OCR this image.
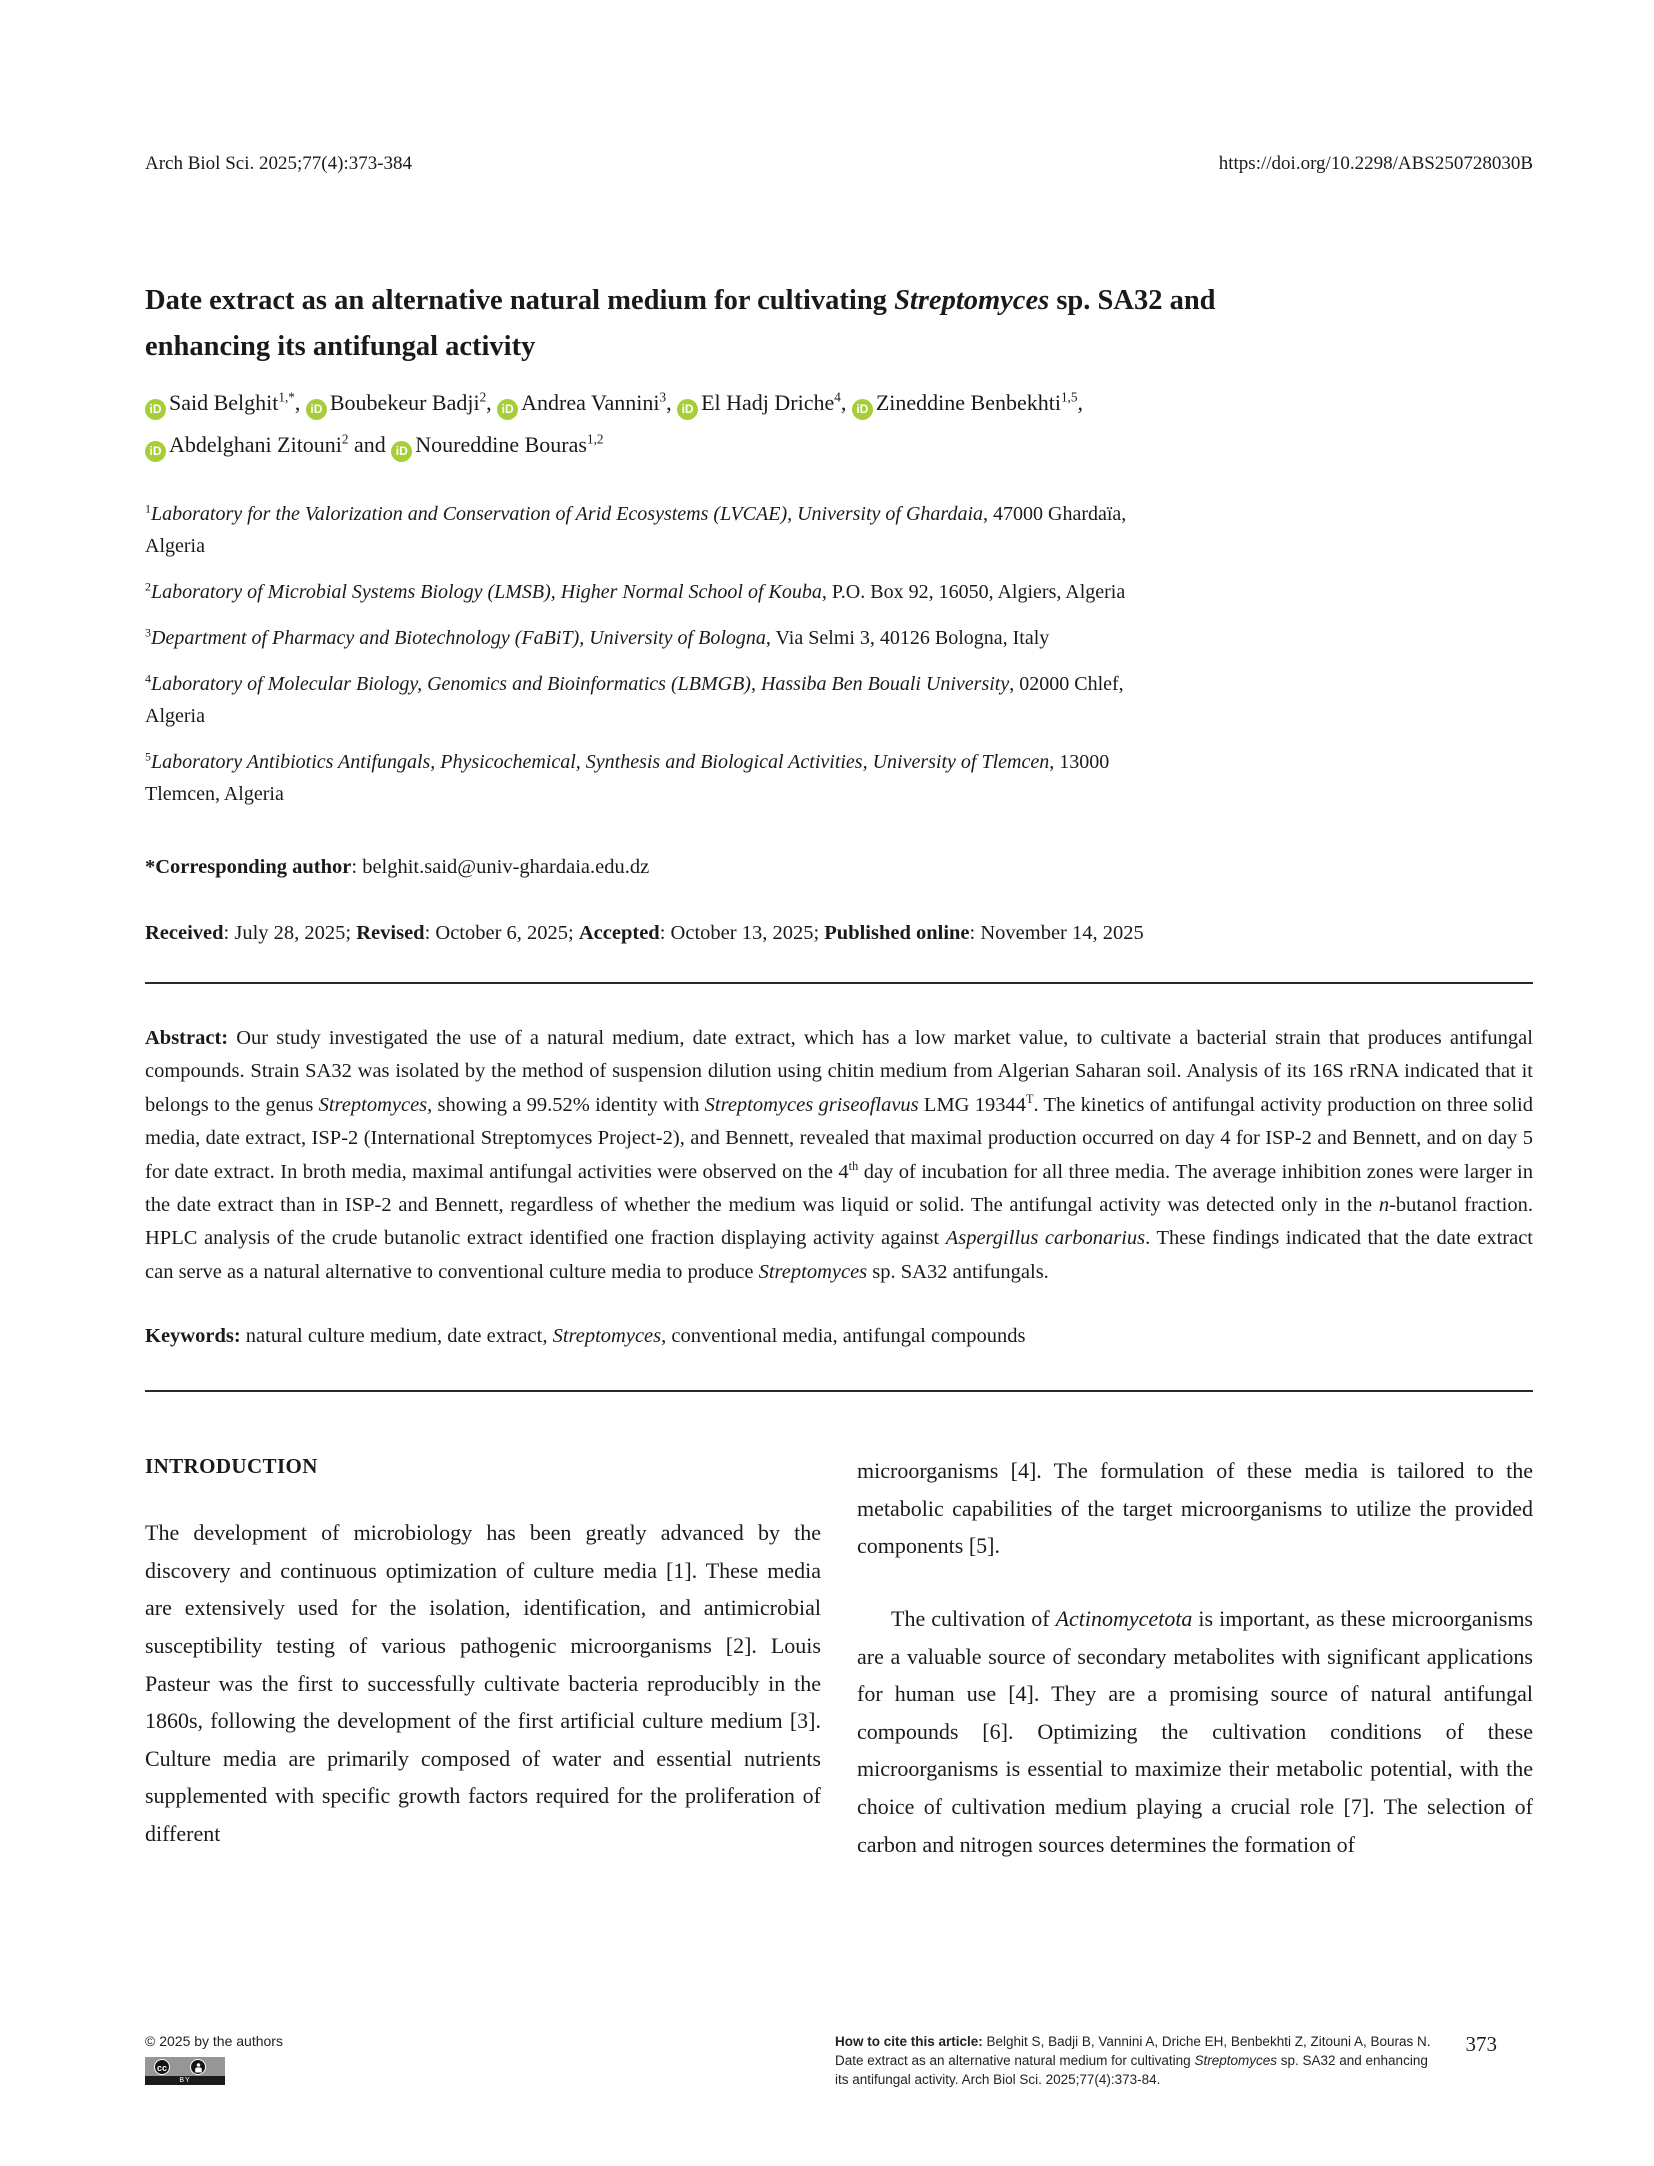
Arch Biol Sci. 2025;77(4):373-384	https://doi.org/10.2298/ABS250728030B
Date extract as an alternative natural medium for cultivating Streptomyces sp. SA32 and
enhancing its antifungal activity
iD Said Belghit$^{1,*}$, iD Boubekeur Badji$^2$, iD Andrea Vannini$^3$, iD El Hadj Driche$^4$, iD Zineddine Benbekhti$^{1,5}$,
iD Abdelghani Zitouni$^2$ and iD Noureddine Bouras$^{1,2}$

$^1$Laboratory for the Valorization and Conservation of Arid Ecosystems (LVCAE), University of Ghardaia, 47000 Ghardaïa,
Algeria

$^2$Laboratory of Microbial Systems Biology (LMSB), Higher Normal School of Kouba, P.O. Box 92, 16050, Algiers, Algeria

$^3$Department of Pharmacy and Biotechnology (FaBiT), University of Bologna, Via Selmi 3, 40126 Bologna, Italy

$^4$Laboratory of Molecular Biology, Genomics and Bioinformatics (LBMGB), Hassiba Ben Bouali University, 02000 Chlef,
Algeria

$^5$Laboratory Antibiotics Antifungals, Physicochemical, Synthesis and Biological Activities, University of Tlemcen, 13000
Tlemcen, Algeria

*Corresponding author: belghit.said@univ-ghardaia.edu.dz

Received: July 28, 2025; Revised: October 6, 2025; Accepted: October 13, 2025; Published online: November 14, 2025

Abstract: Our study investigated the use of a natural medium, date extract, which has a low market value, to cultivate a bacterial strain that produces antifungal compounds. Strain SA32 was isolated by the method of suspension dilution using chitin medium from Algerian Saharan soil. Analysis of its 16S rRNA indicated that it belongs to the genus Streptomyces, showing a 99.52% identity with Streptomyces griseoflavus LMG $19344^T$. The kinetics of antifungal activity production on three solid media, date extract, ISP-2 (International Streptomyces Project-2), and Bennett, revealed that maximal production occurred on day 4 for ISP-2 and Bennett, and on day 5 for date extract. In broth media, maximal antifungal activities were observed on the 4th day of incubation for all three media. The average inhibition zones were larger in the date extract than in ISP-2 and Bennett, regardless of whether the medium was liquid or solid. The antifungal activity was detected only in the n-butanol fraction. HPLC analysis of the crude butanolic extract identified one fraction displaying activity against Aspergillus carbonarius. These findings indicated that the date extract can serve as a natural alternative to conventional culture media to produce Streptomyces sp. SA32 antifungals.

Keywords: natural culture medium, date extract, Streptomyces, conventional media, antifungal compounds

INTRODUCTION

The development of microbiology has been greatly advanced by the discovery and continuous optimization of culture media [1]. These media are extensively used for the isolation, identification, and antimicrobial susceptibility testing of various pathogenic microorganisms [2]. Louis Pasteur was the first to successfully cultivate bacteria reproducibly in the 1860s, following the development of the first artificial culture medium [3]. Culture media are primarily composed of water and essential nutrients supplemented with specific growth factors required for the proliferation of different

microorganisms [4]. The formulation of these media is tailored to the metabolic capabilities of the target microorganisms to utilize the provided components [5].

The cultivation of Actinomycetota is important, as these microorganisms are a valuable source of secondary metabolites with significant applications for human use [4]. They are a promising source of natural antifungal compounds [6]. Optimizing the cultivation conditions of these microorganisms is essential to maximize their metabolic potential, with the choice of cultivation medium playing a crucial role [7]. The selection of carbon and nitrogen sources determines the formation of

© 2025 by the authors
cc
BY
How to cite this article: Belghit S, Badji B, Vannini A, Driche EH, Benbekhti Z, Zitouni A, Bouras N. Date extract as an alternative natural medium for cultivating Streptomyces sp. SA32 and enhancing its antifungal activity. Arch Biol Sci. 2025;77(4):373-84.
373
